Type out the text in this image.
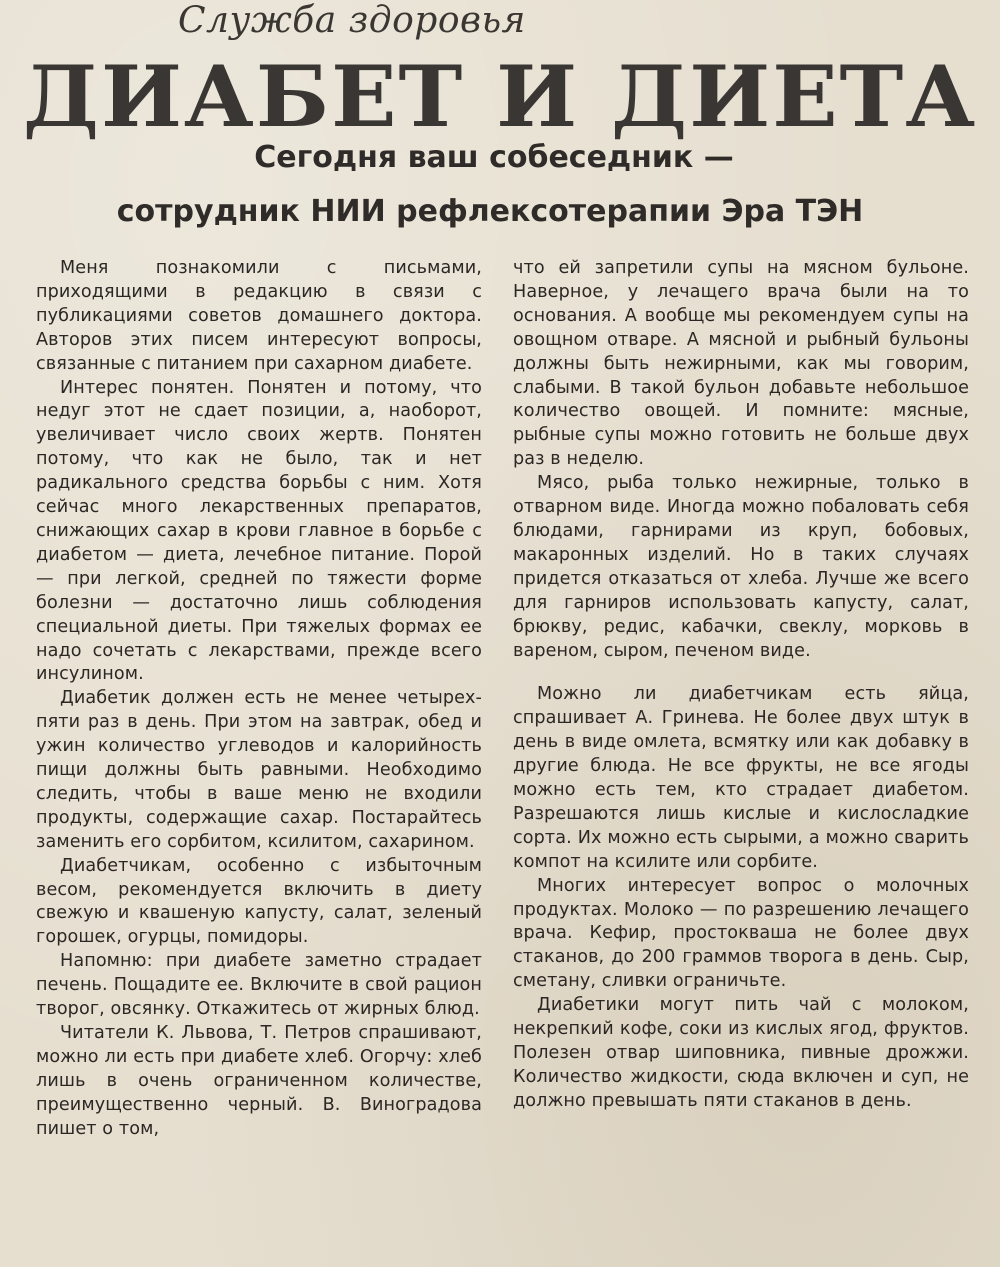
Служба здоровья
ДИАБЕТ И ДИЕТА
Сегодня ваш собеседник —
сотрудник НИИ рефлексотерапии Эра ТЭН

Меня познакомили с письмами, приходящими в редакцию в связи с публикациями советов домашнего доктора. Авторов этих писем интересуют вопросы, связанные с питанием при сахарном диабете.

Интерес понятен. Понятен и потому, что недуг этот не сдает позиции, а, наоборот, увеличивает число своих жертв. Понятен потому, что как не было, так и нет радикального средства борьбы с ним. Хотя сейчас много лекарственных препаратов, снижающих сахар в крови главное в борьбе с диабетом — диета, лечебное питание. Порой — при легкой, средней по тяжести форме болезни — достаточно лишь соблюдения специальной диеты. При тяжелых формах ее надо сочетать с лекарствами, прежде всего инсулином.

Диабетик должен есть не менее четырех-пяти раз в день. При этом на завтрак, обед и ужин количество углеводов и калорийность пищи должны быть равными. Необходимо следить, чтобы в ваше меню не входили продукты, содержащие сахар. Постарайтесь заменить его сорбитом, ксилитом, сахарином.

Диабетчикам, особенно с избыточным весом, рекомендуется включить в диету свежую и квашеную капусту, салат, зеленый горошек, огурцы, помидоры.

Напомню: при диабете заметно страдает печень. Пощадите ее. Включите в свой рацион творог, овсянку. Откажитесь от жирных блюд.

Читатели К. Львова, Т. Петров спрашивают, можно ли есть при диабете хлеб. Огорчу: хлеб лишь в очень ограниченном количестве, преимущественно черный. В. Виноградова пишет о том,

что ей запретили супы на мясном бульоне. Наверное, у лечащего врача были на то основания. А вообще мы рекомендуем супы на овощном отваре. А мясной и рыбный бульоны должны быть нежирными, как мы говорим, слабыми. В такой бульон добавьте небольшое количество овощей. И помните: мясные, рыбные супы можно готовить не больше двух раз в неделю.

Мясо, рыба только нежирные, только в отварном виде. Иногда можно побаловать себя блюдами, гарнирами из круп, бобовых, макаронных изделий. Но в таких случаях придется отказаться от хлеба. Лучше же всего для гарниров использовать капусту, салат, брюкву, редис, кабачки, свеклу, морковь в вареном, сыром, печеном виде.

Можно ли диабетчикам есть яйца, спрашивает А. Гринева. Не более двух штук в день в виде омлета, всмятку или как добавку в другие блюда. Не все фрукты, не все ягоды можно есть тем, кто страдает диабетом. Разрешаются лишь кислые и кислосладкие сорта. Их можно есть сырыми, а можно сварить компот на ксилите или сорбите.

Многих интересует вопрос о молочных продуктах. Молоко — по разрешению лечащего врача. Кефир, простокваша не более двух стаканов, до 200 граммов творога в день. Сыр, сметану, сливки ограничьте.

Диабетики могут пить чай с молоком, некрепкий кофе, соки из кислых ягод, фруктов. Полезен отвар шиповника, пивные дрожжи. Количество жидкости, сюда включен и суп, не должно превышать пяти стаканов в день.
